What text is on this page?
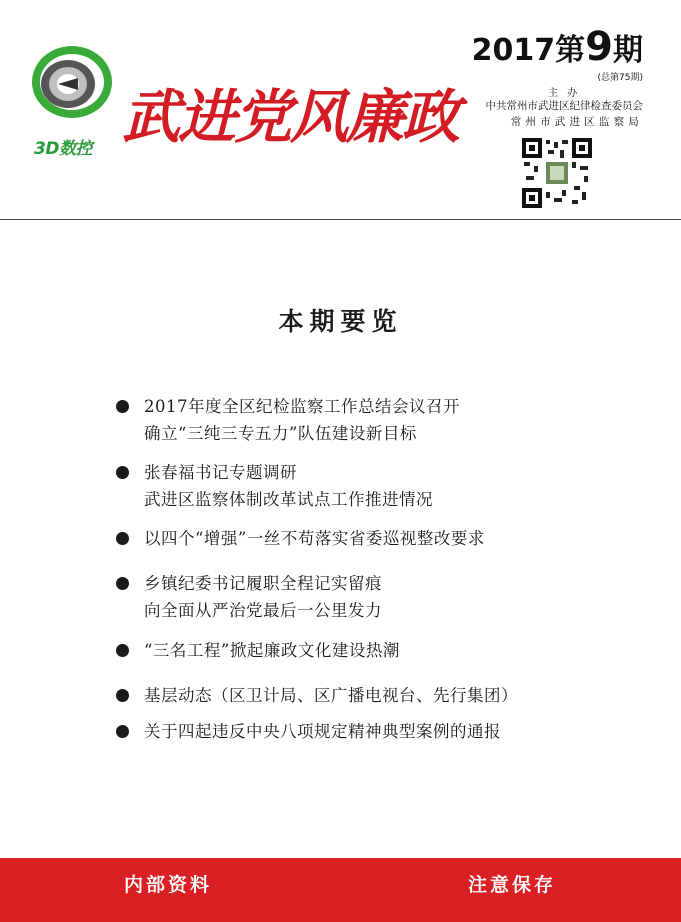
3D数控 武进党风廉政
2017第9期
(总第75期)
主 办
中共常州市武进区纪律检查委员会
常州市武进区监察局
本期要览
2017年度全区纪检监察工作总结会议召开
确立“三纯三专五力”队伍建设新目标
张春福书记专题调研
武进区监察体制改革试点工作推进情况
以四个“增强”一丝不苟落实省委巡视整改要求
乡镇纪委书记履职全程记实留痕
向全面从严治党最后一公里发力
“三名工程”掀起廉政文化建设热潮
基层动态（区卫计局、区广播电视台、先行集团）
关于四起违反中央八项规定精神典型案例的通报
内部资料	注意保存
